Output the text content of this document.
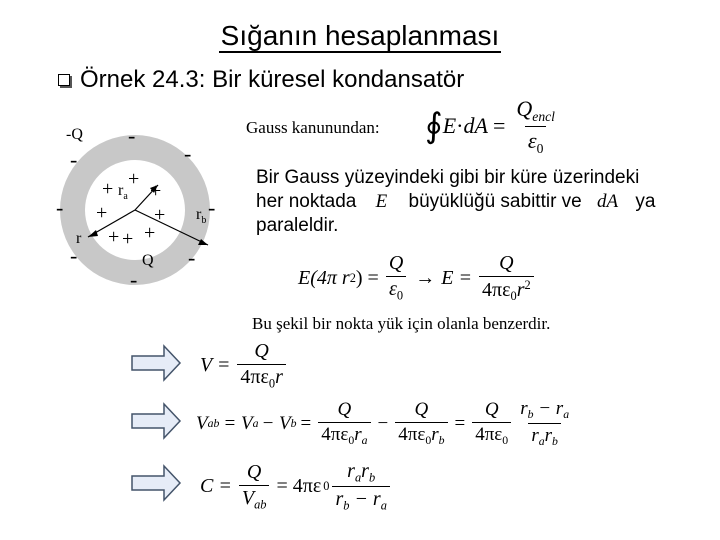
Sığanın hesaplanması
Örnek 24.3: Bir küresel kondansatör
+
+ +
+ +
+ + +
-
-
-
-
-	-
-
-
-Q
Q
$r_a$
$r_b$
r
Gauss kanunundan: ∮ E · dA = $\frac{Q_{encl}}{\varepsilon_0}$
Bir Gauss yüzeyindeki gibi bir küre üzerindeki
her noktada E büyüklüğü sabittir ve dA ya
paraleldir.
E(4π r 2 ) = $\frac{Q}{\varepsilon_0} \to E = \frac{Q}{4\pi\varepsilon_0r^2}$
Bu şekil bir nokta yük için olanla benzerdir.
$V = \frac{Q}{4\pi\varepsilon_0r}$
V ab = V a − V $b = \frac{Q}{4\pi\varepsilon_0r_a} - \frac{Q}{4\pi\varepsilon_0r_b} = \frac{Q}{4\pi\varepsilon_0} \frac{r_b - r_a}{r_ar_b}$
$C = \frac{Q}{V_{ab}} = 4\pi\varepsilon$ $0 \frac{r_ar_b}{r_b - r_a}$
